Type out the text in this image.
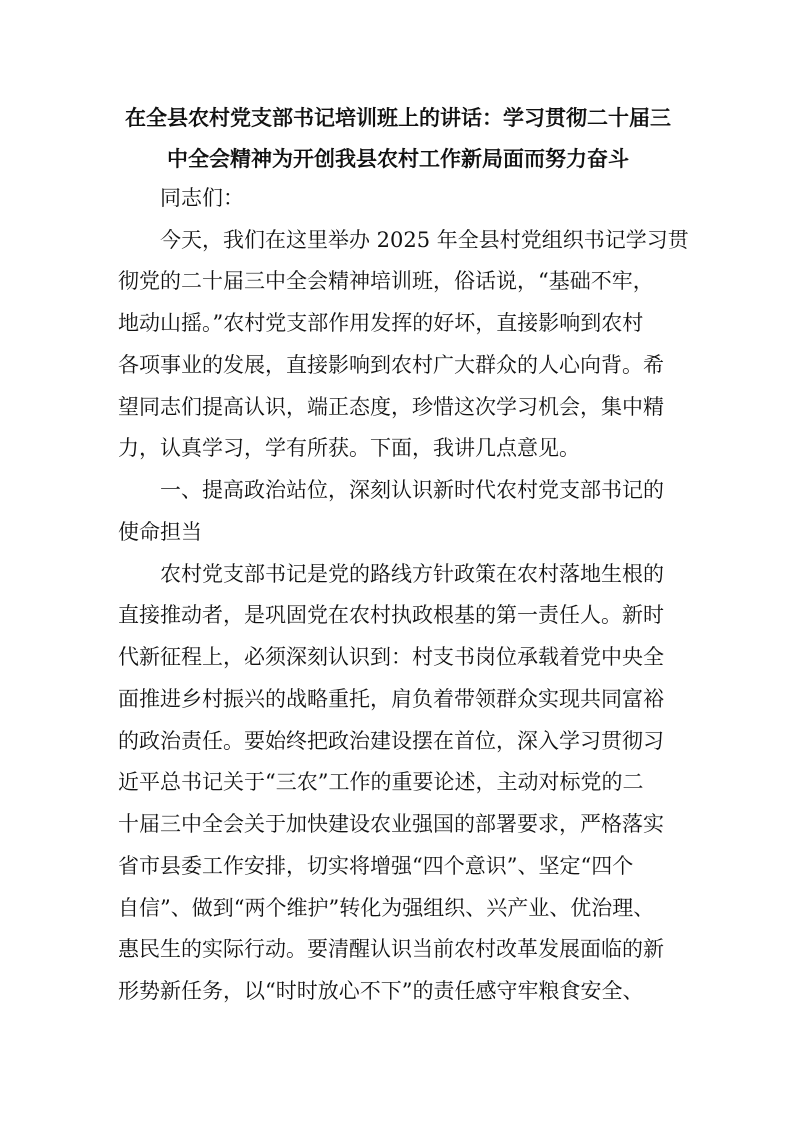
在全县农村党支部书记培训班上的讲话：学习贯彻二十届三
中全会精神为开创我县农村工作新局面而努力奋斗
同志们：
今天，我们在这里举办 2025 年全县村党组织书记学习贯
彻党的二十届三中全会精神培训班，俗话说，“基础不牢，
地动山摇。”农村党支部作用发挥的好坏，直接影响到农村
各项事业的发展，直接影响到农村广大群众的人心向背。希
望同志们提高认识，端正态度，珍惜这次学习机会，集中精
力，认真学习，学有所获。下面，我讲几点意见。
一、提高政治站位，深刻认识新时代农村党支部书记的
使命担当
农村党支部书记是党的路线方针政策在农村落地生根的
直接推动者，是巩固党在农村执政根基的第一责任人。新时
代新征程上，必须深刻认识到：村支书岗位承载着党中央全
面推进乡村振兴的战略重托，肩负着带领群众实现共同富裕
的政治责任。要始终把政治建设摆在首位，深入学习贯彻习
近平总书记关于“三农”工作的重要论述，主动对标党的二
十届三中全会关于加快建设农业强国的部署要求，严格落实
省市县委工作安排，切实将增强“四个意识”、坚定“四个
自信”、做到“两个维护”转化为强组织、兴产业、优治理、
惠民生的实际行动。要清醒认识当前农村改革发展面临的新
形势新任务，以“时时放心不下”的责任感守牢粮食安全、
